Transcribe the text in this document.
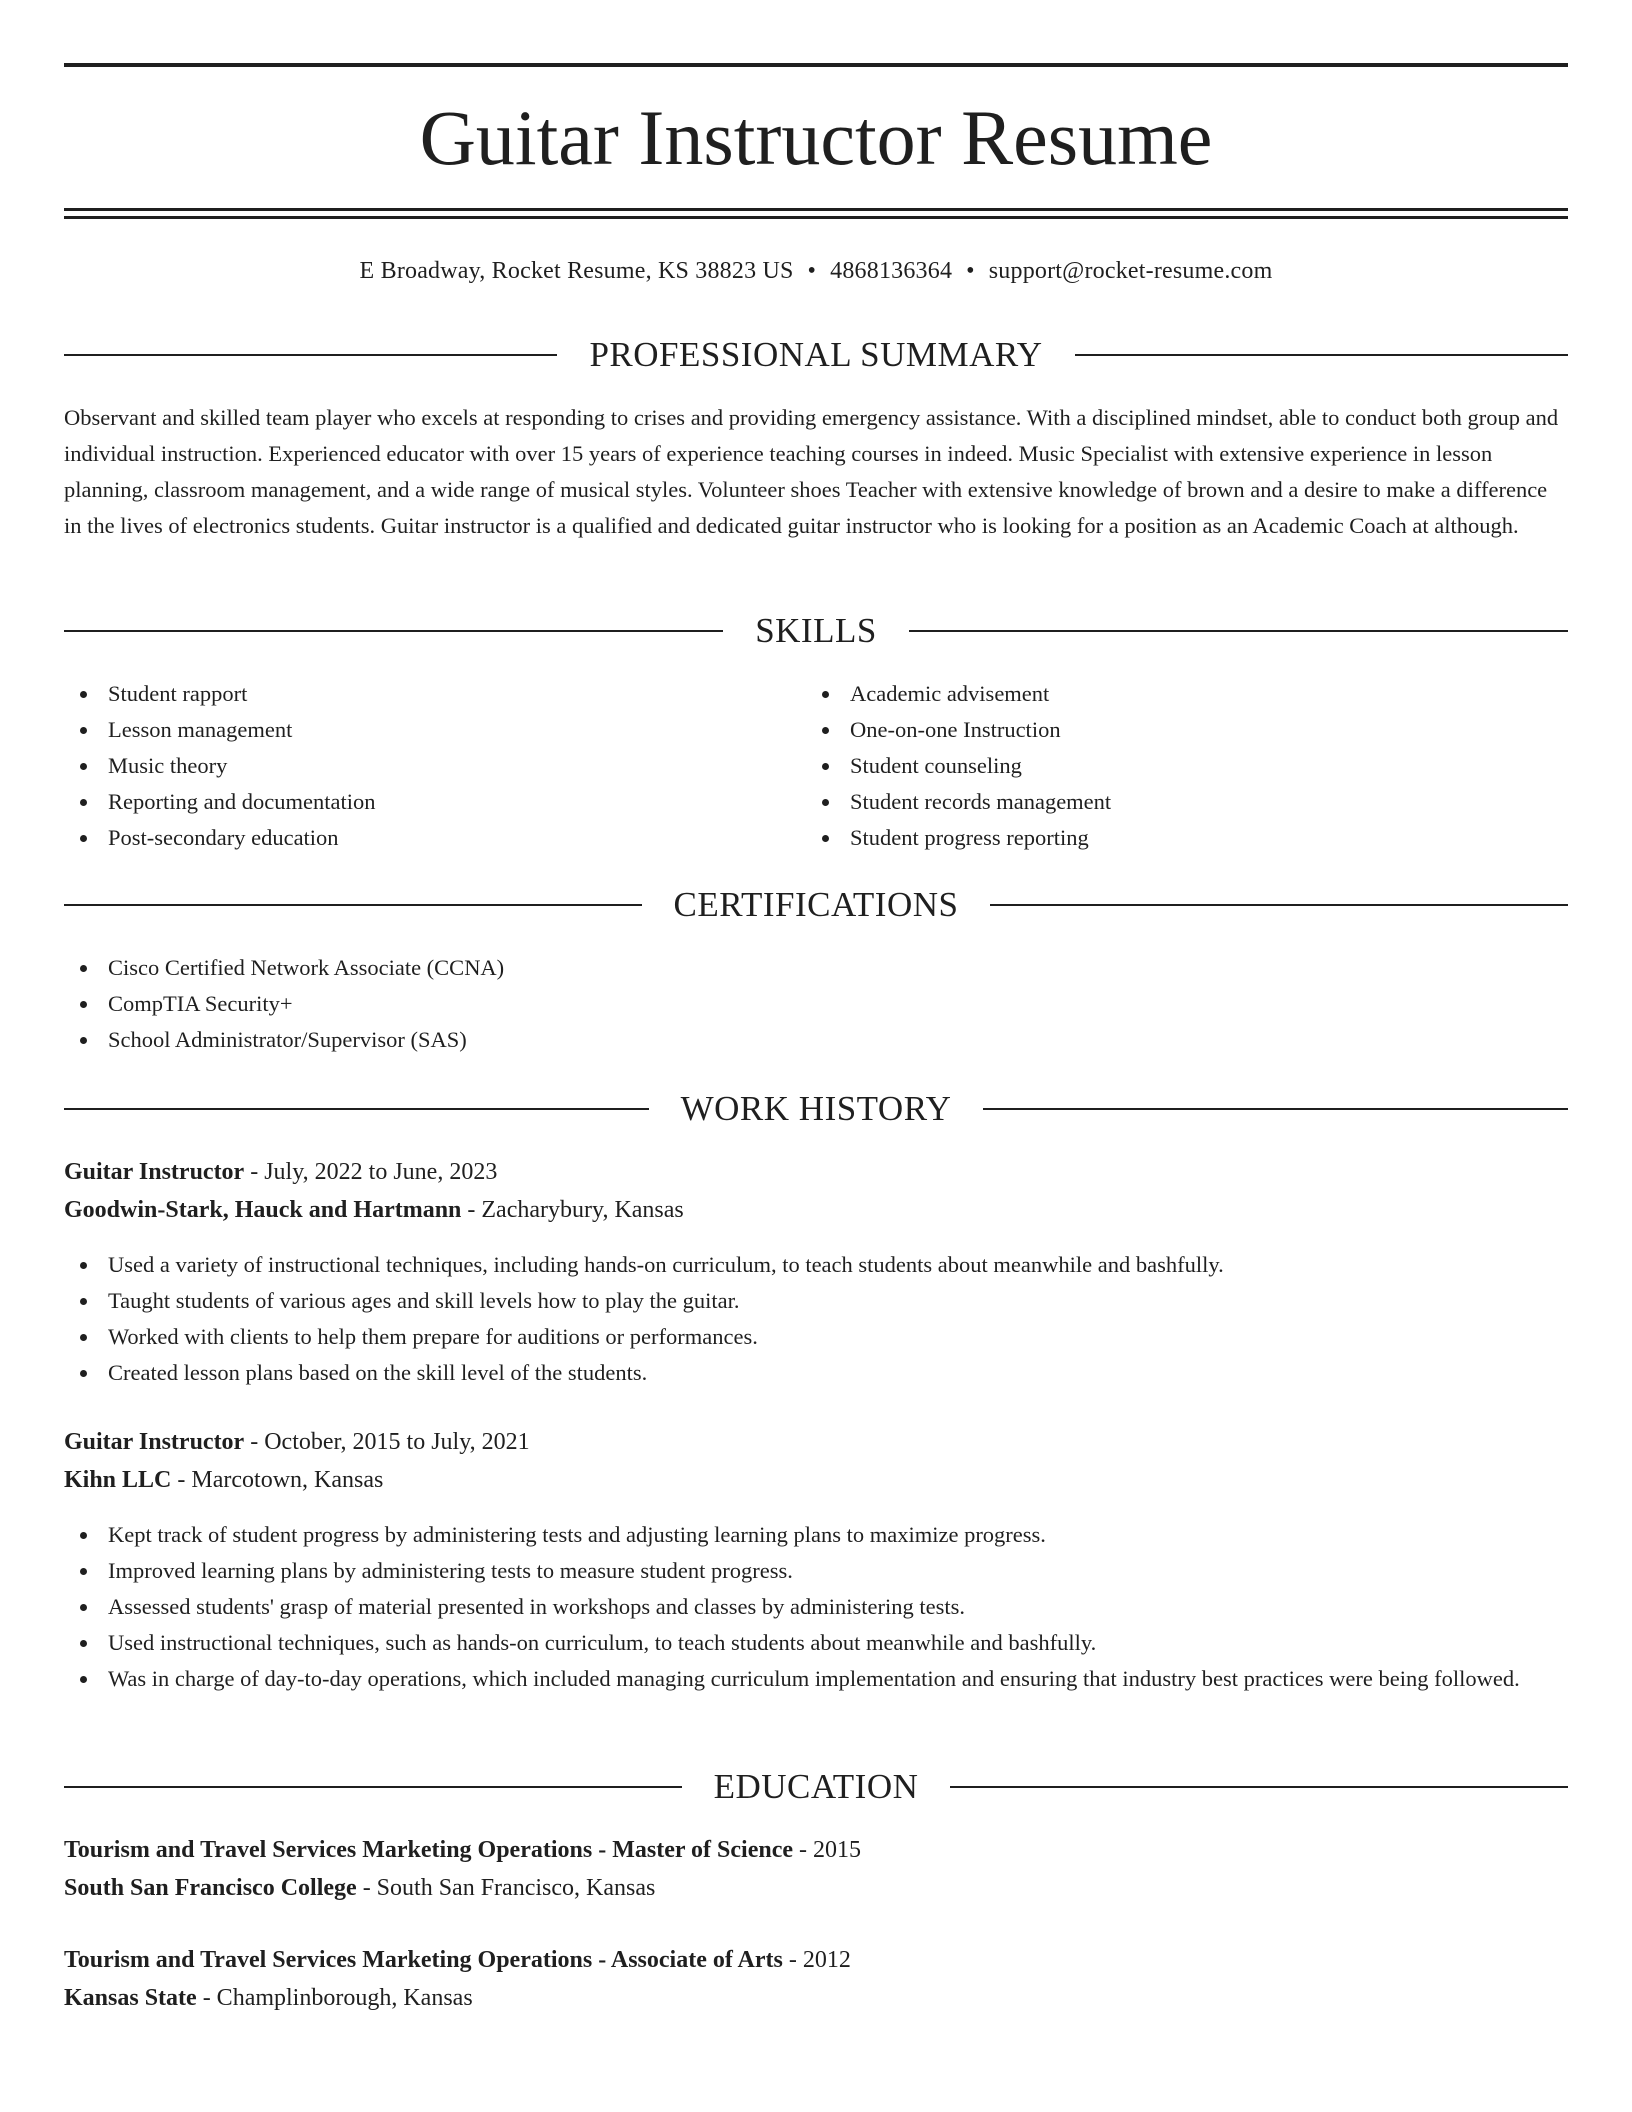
Guitar Instructor Resume
E Broadway, Rocket Resume, KS 38823 US • 4868136364 • support@rocket-resume.com
PROFESSIONAL SUMMARY

Observant and skilled team player who excels at responding to crises and providing emergency assistance. With a disciplined mindset, able to conduct both group and individual instruction. Experienced educator with over 15 years of experience teaching courses in indeed. Music Specialist with extensive experience in lesson planning, classroom management, and a wide range of musical styles. Volunteer shoes Teacher with extensive knowledge of brown and a desire to make a difference in the lives of electronics students. Guitar instructor is a qualified and dedicated guitar instructor who is looking for a position as an Academic Coach at although.

SKILLS
Student rapport
Lesson management
Music theory
Reporting and documentation
Post-secondary education
Academic advisement
One-on-one Instruction
Student counseling
Student records management
Student progress reporting
CERTIFICATIONS
Cisco Certified Network Associate (CCNA)
CompTIA Security+
School Administrator/Supervisor (SAS)
WORK HISTORY
Guitar Instructor - July, 2022 to June, 2023
Goodwin-Stark, Hauck and Hartmann - Zacharybury, Kansas
Used a variety of instructional techniques, including hands-on curriculum, to teach students about meanwhile and bashfully.
Taught students of various ages and skill levels how to play the guitar.
Worked with clients to help them prepare for auditions or performances.
Created lesson plans based on the skill level of the students.
Guitar Instructor - October, 2015 to July, 2021
Kihn LLC - Marcotown, Kansas
Kept track of student progress by administering tests and adjusting learning plans to maximize progress.
Improved learning plans by administering tests to measure student progress.
Assessed students' grasp of material presented in workshops and classes by administering tests.
Used instructional techniques, such as hands-on curriculum, to teach students about meanwhile and bashfully.
Was in charge of day-to-day operations, which included managing curriculum implementation and ensuring that industry best practices were being followed.
EDUCATION
Tourism and Travel Services Marketing Operations - Master of Science - 2015
South San Francisco College - South San Francisco, Kansas
Tourism and Travel Services Marketing Operations - Associate of Arts - 2012
Kansas State - Champlinborough, Kansas
